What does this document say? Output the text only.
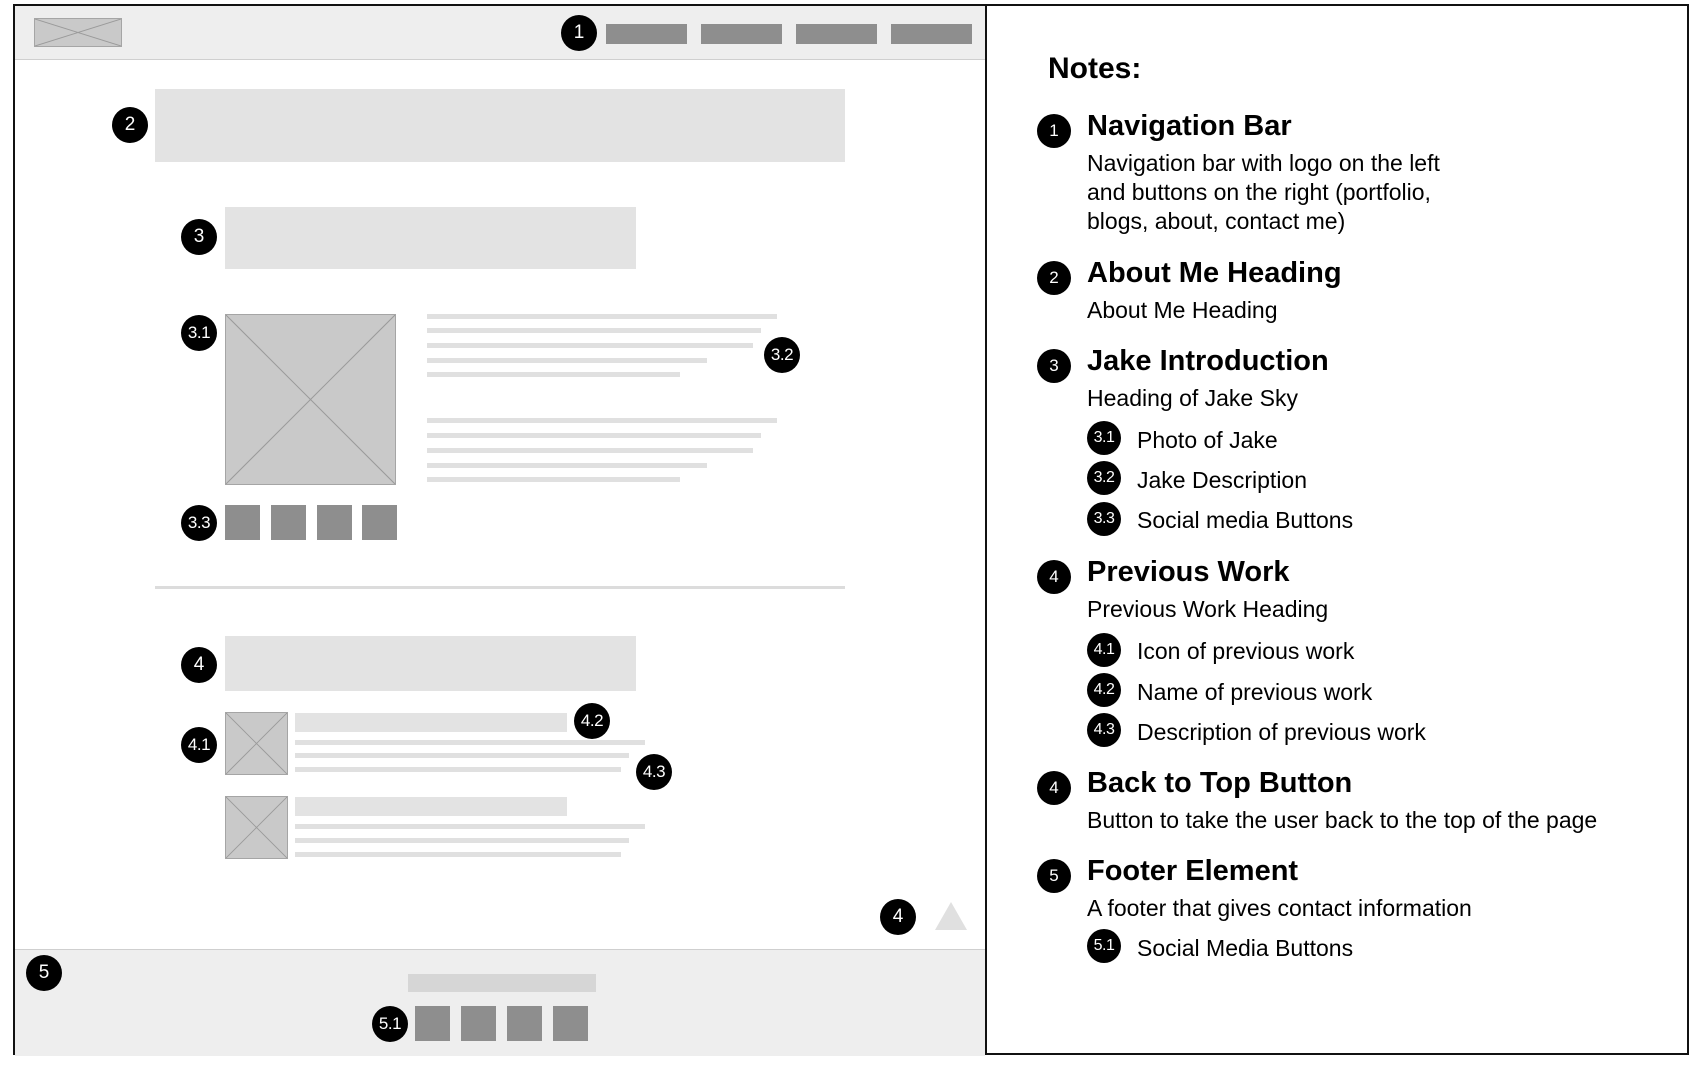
1
2
3
3.1
3.2
3.3
4
4.1
4.2
4.3
4
5
5.1
Notes:
1 Navigation Bar
Navigation bar with logo on the left
and buttons on the right (portfolio,
blogs, about, contact me)
2 About Me Heading
About Me Heading
3 Jake Introduction
Heading of Jake Sky
3.1 Photo of Jake
3.2 Jake Description
3.3 Social media Buttons
4 Previous Work
Previous Work Heading
4.1 Icon of previous work
4.2 Name of previous work
4.3 Description of previous work
4 Back to Top Button
Button to take the user back to the top of the page
5 Footer Element
A footer that gives contact information
5.1 Social Media Buttons
